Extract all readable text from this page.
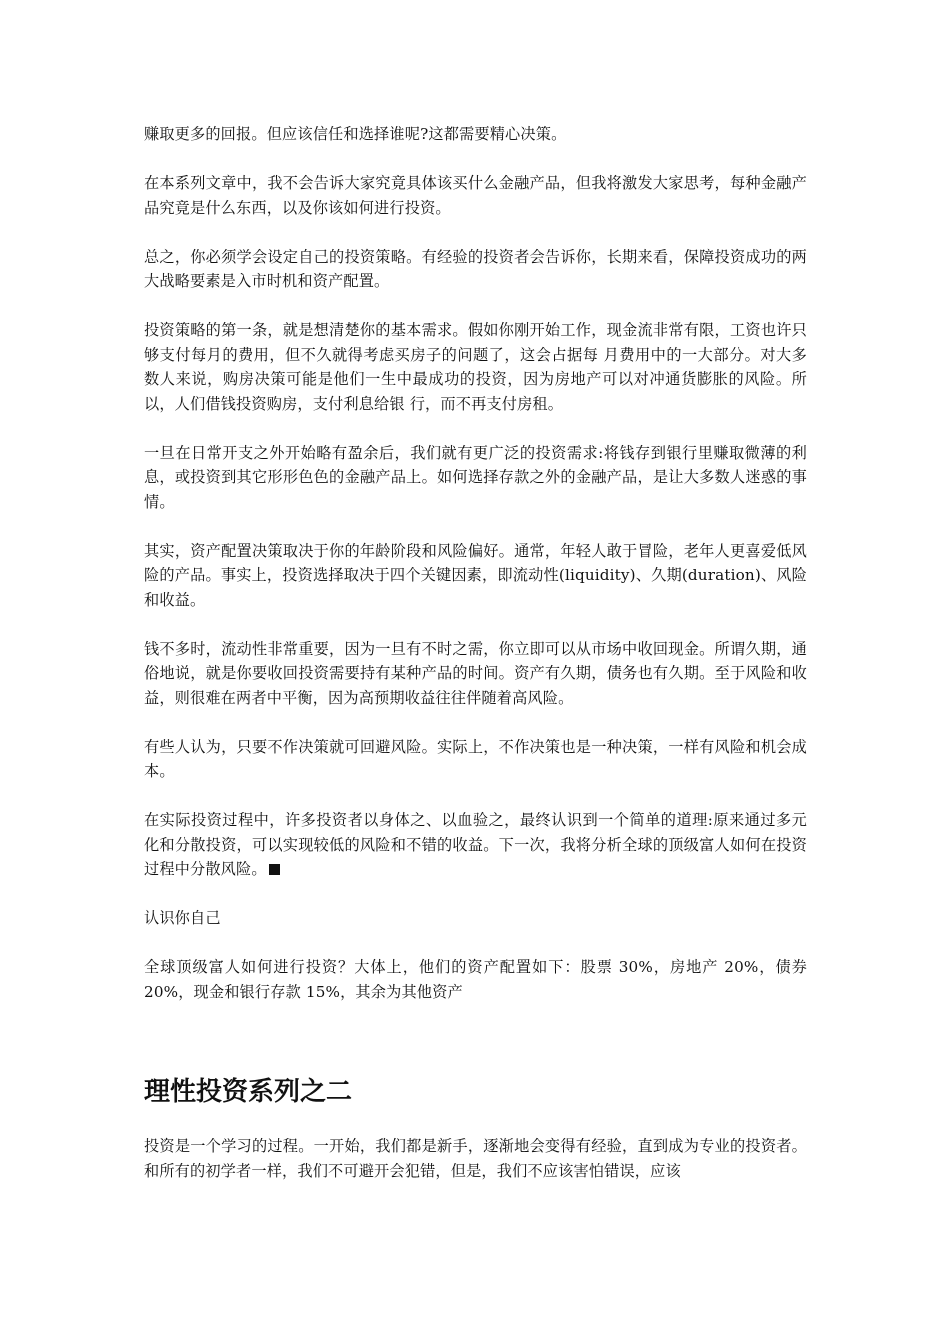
赚取更多的回报。但应该信任和选择谁呢?这都需要精心决策。

在本系列文章中，我不会告诉大家究竟具体该买什么金融产品，但我将激发大家思考，每种金融产品究竟是什么东西，以及你该如何进行投资。

总之，你必须学会设定自己的投资策略。有经验的投资者会告诉你，长期来看，保障投资成功的两大战略要素是入市时机和资产配置。

投资策略的第一条，就是想清楚你的基本需求。假如你刚开始工作，现金流非常有限，工资也许只够支付每月的费用，但不久就得考虑买房子的问题了，这会占据每 月费用中的一大部分。对大多数人来说，购房决策可能是他们一生中最成功的投资，因为房地产可以对冲通货膨胀的风险。所以，人们借钱投资购房，支付利息给银 行，而不再支付房租。

一旦在日常开支之外开始略有盈余后，我们就有更广泛的投资需求:将钱存到银行里赚取微薄的利息，或投资到其它形形色色的金融产品上。如何选择存款之外的金融产品，是让大多数人迷惑的事情。

其实，资产配置决策取决于你的年龄阶段和风险偏好。通常，年轻人敢于冒险，老年人更喜爱低风险的产品。事实上，投资选择取决于四个关键因素，即流动性(liquidity)、久期(duration)、风险和收益。

钱不多时，流动性非常重要，因为一旦有不时之需，你立即可以从市场中收回现金。所谓久期，通俗地说，就是你要收回投资需要持有某种产品的时间。资产有久期，债务也有久期。至于风险和收益，则很难在两者中平衡，因为高预期收益往往伴随着高风险。

有些人认为，只要不作决策就可回避风险。实际上，不作决策也是一种决策，一样有风险和机会成本。

在实际投资过程中，许多投资者以身体之、以血验之，最终认识到一个简单的道理:原来通过多元化和分散投资，可以实现较低的风险和不错的收益。下一次，我将分析全球的顶级富人如何在投资过程中分散风险。

认识你自己

全球顶级富人如何进行投资？大体上，他们的资产配置如下：股票 30%，房地产 20%，债券 20%，现金和银行存款 15%，其余为其他资产

理性投资系列之二

投资是一个学习的过程。一开始，我们都是新手，逐渐地会变得有经验，直到成为专业的投资者。和所有的初学者一样，我们不可避开会犯错，但是，我们不应该害怕错误，应该
